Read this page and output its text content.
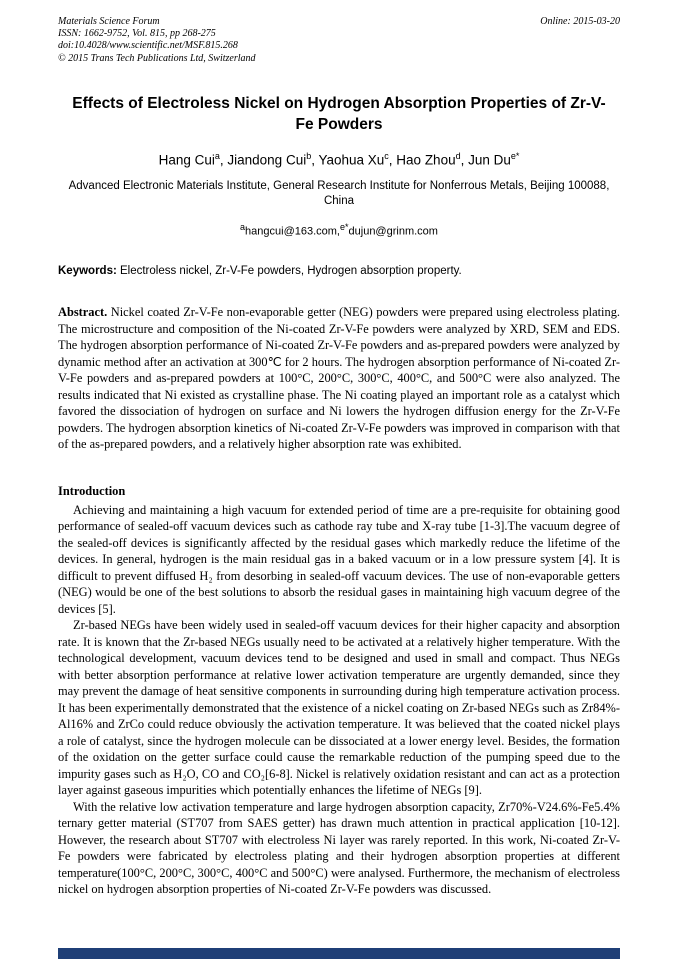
Materials Science Forum
ISSN: 1662-9752, Vol. 815, pp 268-275
doi:10.4028/www.scientific.net/MSF.815.268
© 2015 Trans Tech Publications Ltd, Switzerland
Online: 2015-03-20
Effects of Electroless Nickel on Hydrogen Absorption Properties of Zr-V-Fe Powders
Hang Cui$^a$, Jiandong Cui$^b$, Yaohua Xu$^c$, Hao Zhou$^d$, Jun $Du^{e*}$
Advanced Electronic Materials Institute, General Research Institute for Nonferrous Metals, Beijing 100088, China
$^a$hangcui@163.com,$^{e*}$dujun@grinm.com
Keywords: Electroless nickel, Zr-V-Fe powders, Hydrogen absorption property.
Abstract. Nickel coated Zr-V-Fe non-evaporable getter (NEG) powders were prepared using electroless plating. The microstructure and composition of the Ni-coated Zr-V-Fe powders were analyzed by XRD, SEM and EDS. The hydrogen absorption performance of Ni-coated Zr-V-Fe powders and as-prepared powders were analyzed by dynamic method after an activation at 300℃ for 2 hours. The hydrogen absorption performance of Ni-coated Zr-V-Fe powders and as-prepared powders at 100°C, 200°C, 300°C, 400°C, and 500°C were also analyzed. The results indicated that Ni existed as crystalline phase. The Ni coating played an important role as a catalyst which favored the dissociation of hydrogen on surface and Ni lowers the hydrogen diffusion energy for the Zr-V-Fe powders. The hydrogen absorption kinetics of Ni-coated Zr-V-Fe powders was improved in comparison with that of the as-prepared powders, and a relatively higher absorption rate was exhibited.
Introduction
Achieving and maintaining a high vacuum for extended period of time are a pre-requisite for obtaining good performance of sealed-off vacuum devices such as cathode ray tube and X-ray tube [1-3].The vacuum degree of the sealed-off devices is significantly affected by the residual gases which markedly reduce the lifetime of the devices. In general, hydrogen is the main residual gas in a baked vacuum or in a low pressure system [4]. It is difficult to prevent diffused H₂ from desorbing in sealed-off vacuum devices. The use of non-evaporable getters (NEG) would be one of the best solutions to absorb the residual gases in maintaining high vacuum degree of the devices [5].
Zr-based NEGs have been widely used in sealed-off vacuum devices for their higher capacity and absorption rate. It is known that the Zr-based NEGs usually need to be activated at a relatively higher temperature. With the technological development, vacuum devices tend to be designed and used in small and compact. Thus NEGs with better absorption performance at relative lower activation temperature are urgently demanded, since they may prevent the damage of heat sensitive components in surrounding during high temperature activation process. It has been experimentally demonstrated that the existence of a nickel coating on Zr-based NEGs such as Zr84%-Al16% and ZrCo could reduce obviously the activation temperature. It was believed that the coated nickel plays a role of catalyst, since the hydrogen molecule can be dissociated at a lower energy level. Besides, the formation of the oxidation on the getter surface could cause the remarkable reduction of the pumping speed due to the impurity gases such as H₂O, CO and CO₂[6-8]. Nickel is relatively oxidation resistant and can act as a protection layer against gaseous impurities which potentially enhances the lifetime of NEGs [9].
With the relative low activation temperature and large hydrogen absorption capacity, Zr70%-V24.6%-Fe5.4% ternary getter material (ST707 from SAES getter) has drawn much attention in practical application [10-12]. However, the research about ST707 with electroless Ni layer was rarely reported. In this work, Ni-coated Zr-V-Fe powders were fabricated by electroless plating and their hydrogen absorption properties at different temperature(100°C, 200°C, 300°C, 400°C and 500°C) were analysed. Furthermore, the mechanism of electroless nickel on hydrogen absorption properties of Ni-coated Zr-V-Fe powders was discussed.
